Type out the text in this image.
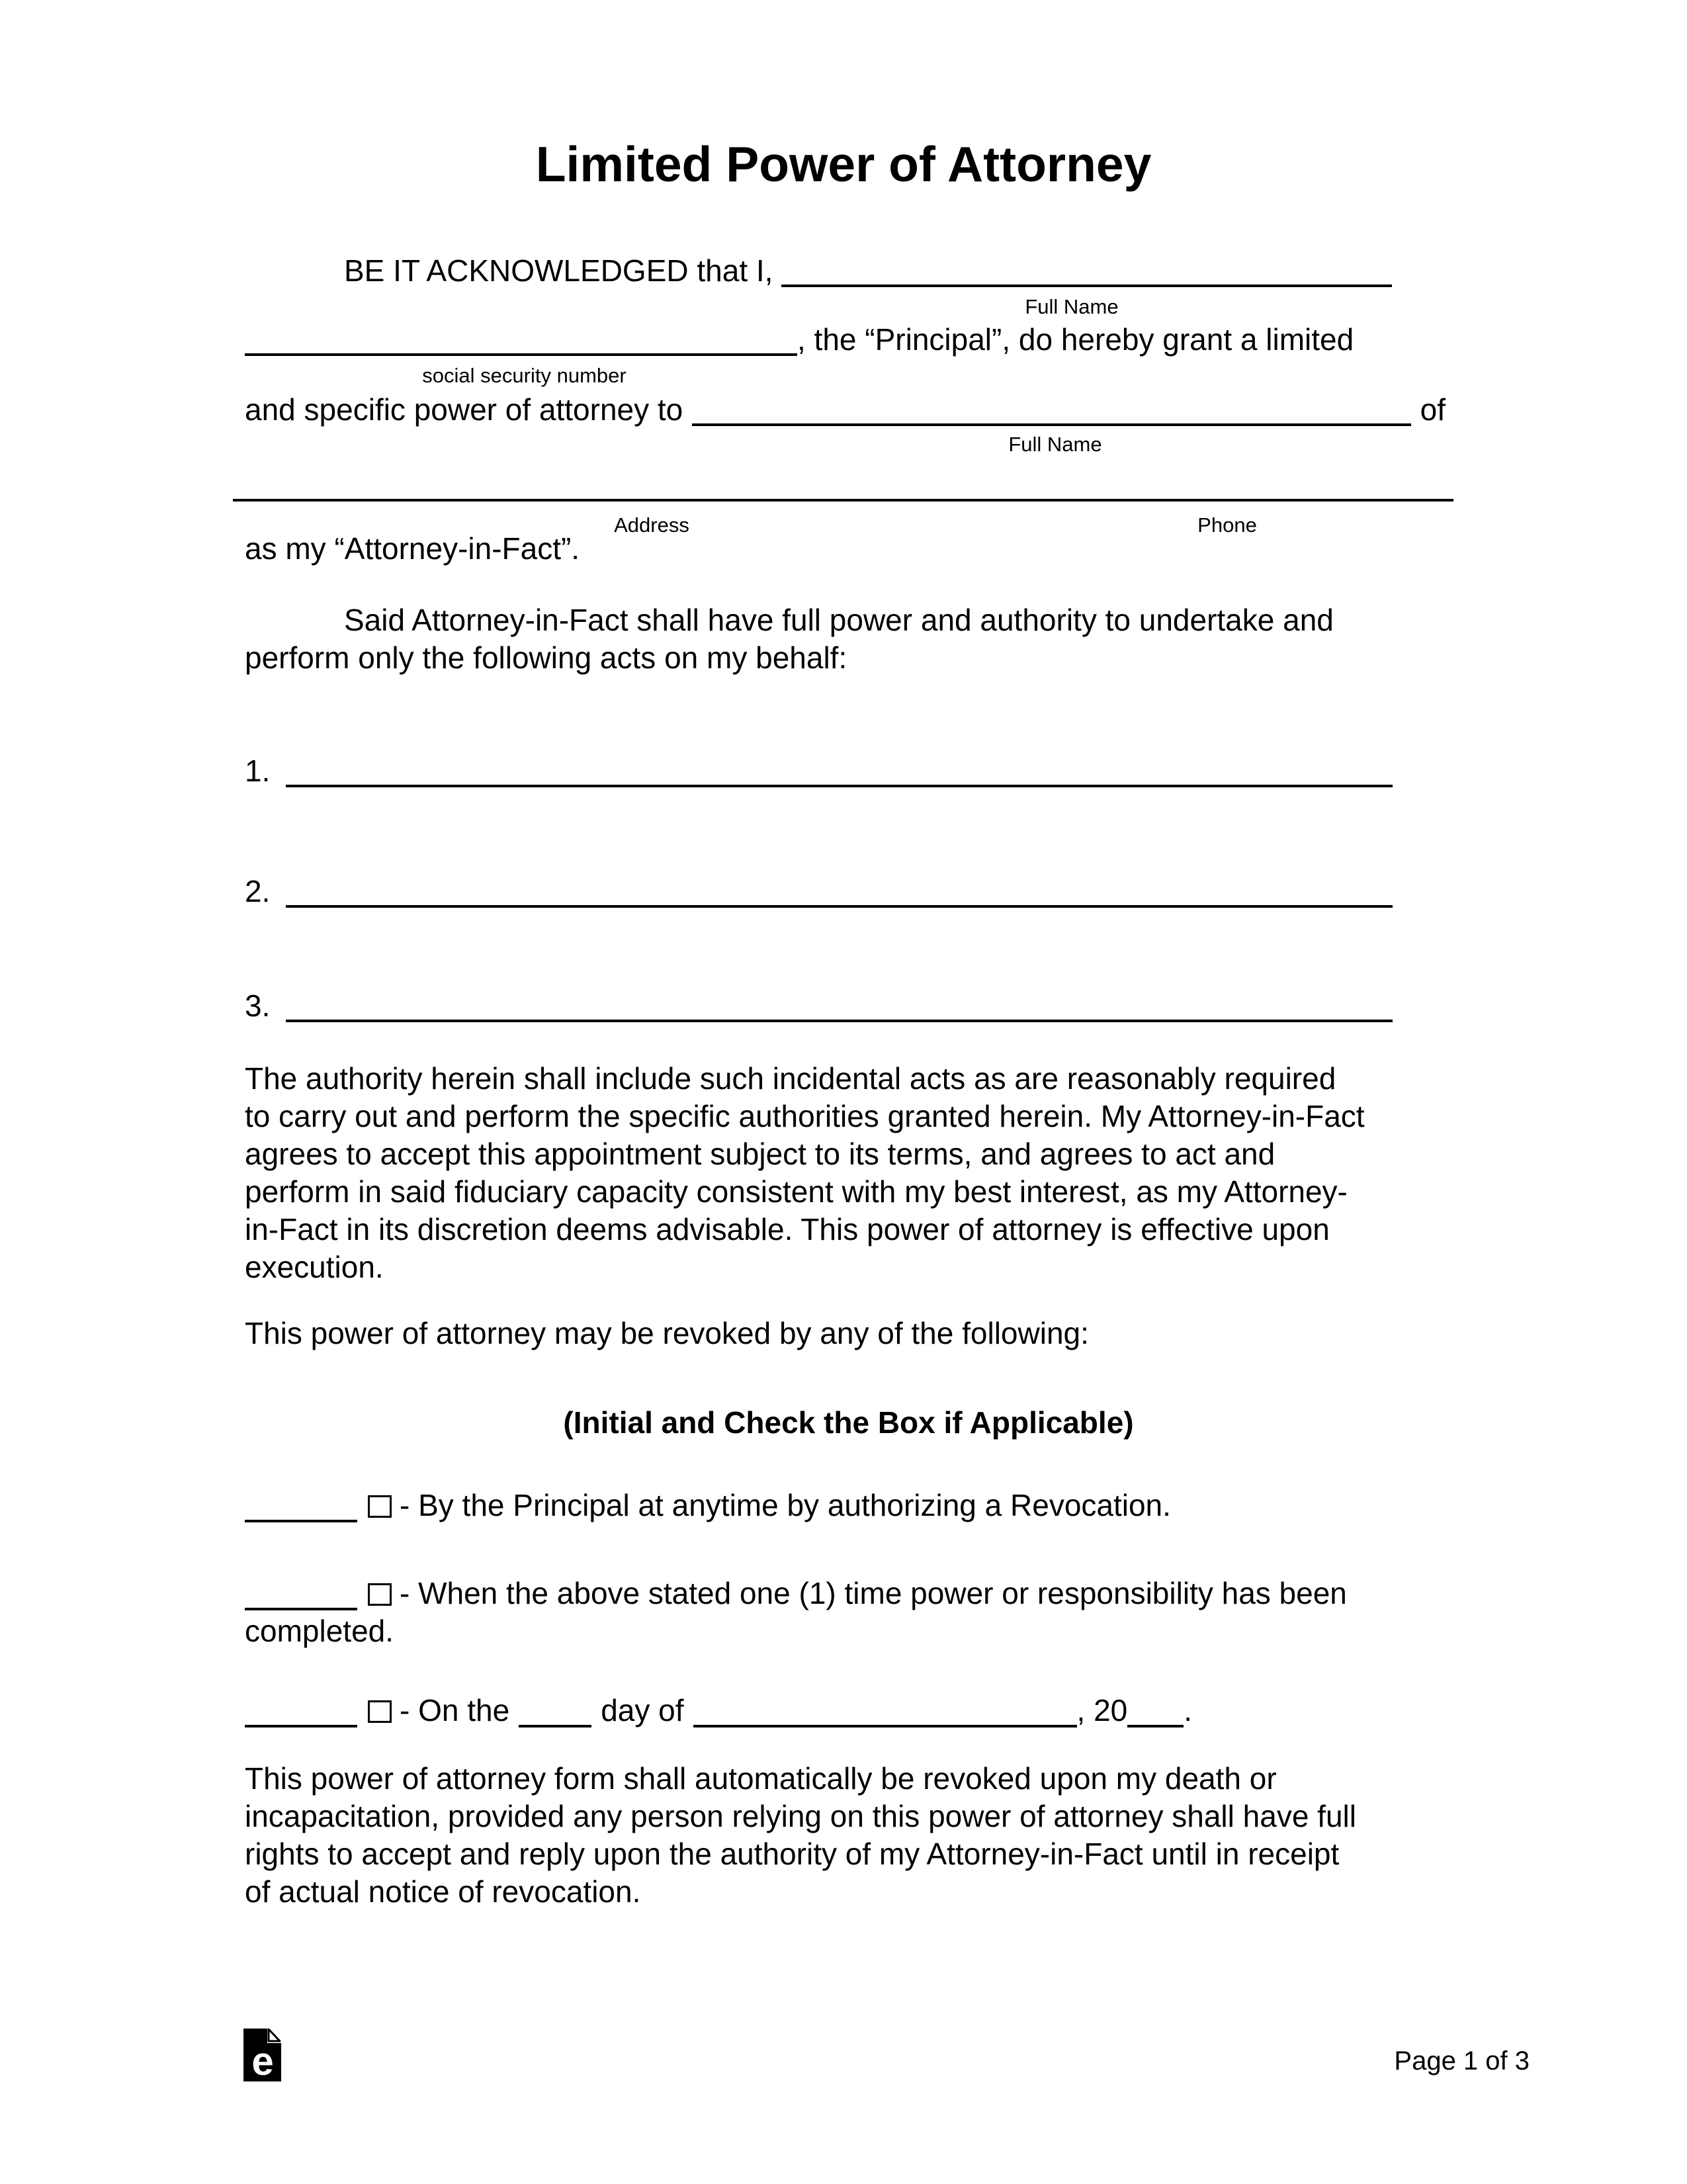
Limited Power of Attorney
BE IT ACKNOWLEDGED that I,
Full Name
, the “Principal”, do hereby grant a limited
social security number
and specific power of attorney to	of
Full Name
Address	Phone
as my “Attorney-in-Fact”.
Said Attorney-in-Fact shall have full power and authority to undertake and
perform only the following acts on my behalf:
1.
2.
3.
The authority herein shall include such incidental acts as are reasonably required
to carry out and perform the specific authorities granted herein. My Attorney-in-Fact
agrees to accept this appointment subject to its terms, and agrees to act and
perform in said fiduciary capacity consistent with my best interest, as my Attorney-
in-Fact in its discretion deems advisable. This power of attorney is effective upon
execution.
This power of attorney may be revoked by any of the following:
(Initial and Check the Box if Applicable)
- By the Principal at anytime by authorizing a Revocation.
- When the above stated one (1) time power or responsibility has been
completed.
- On the	day of	, 20 .
This power of attorney form shall automatically be revoked upon my death or
incapacitation, provided any person relying on this power of attorney shall have full
rights to accept and reply upon the authority of my Attorney-in-Fact until in receipt
of actual notice of revocation.
e	Page 1 of 3
